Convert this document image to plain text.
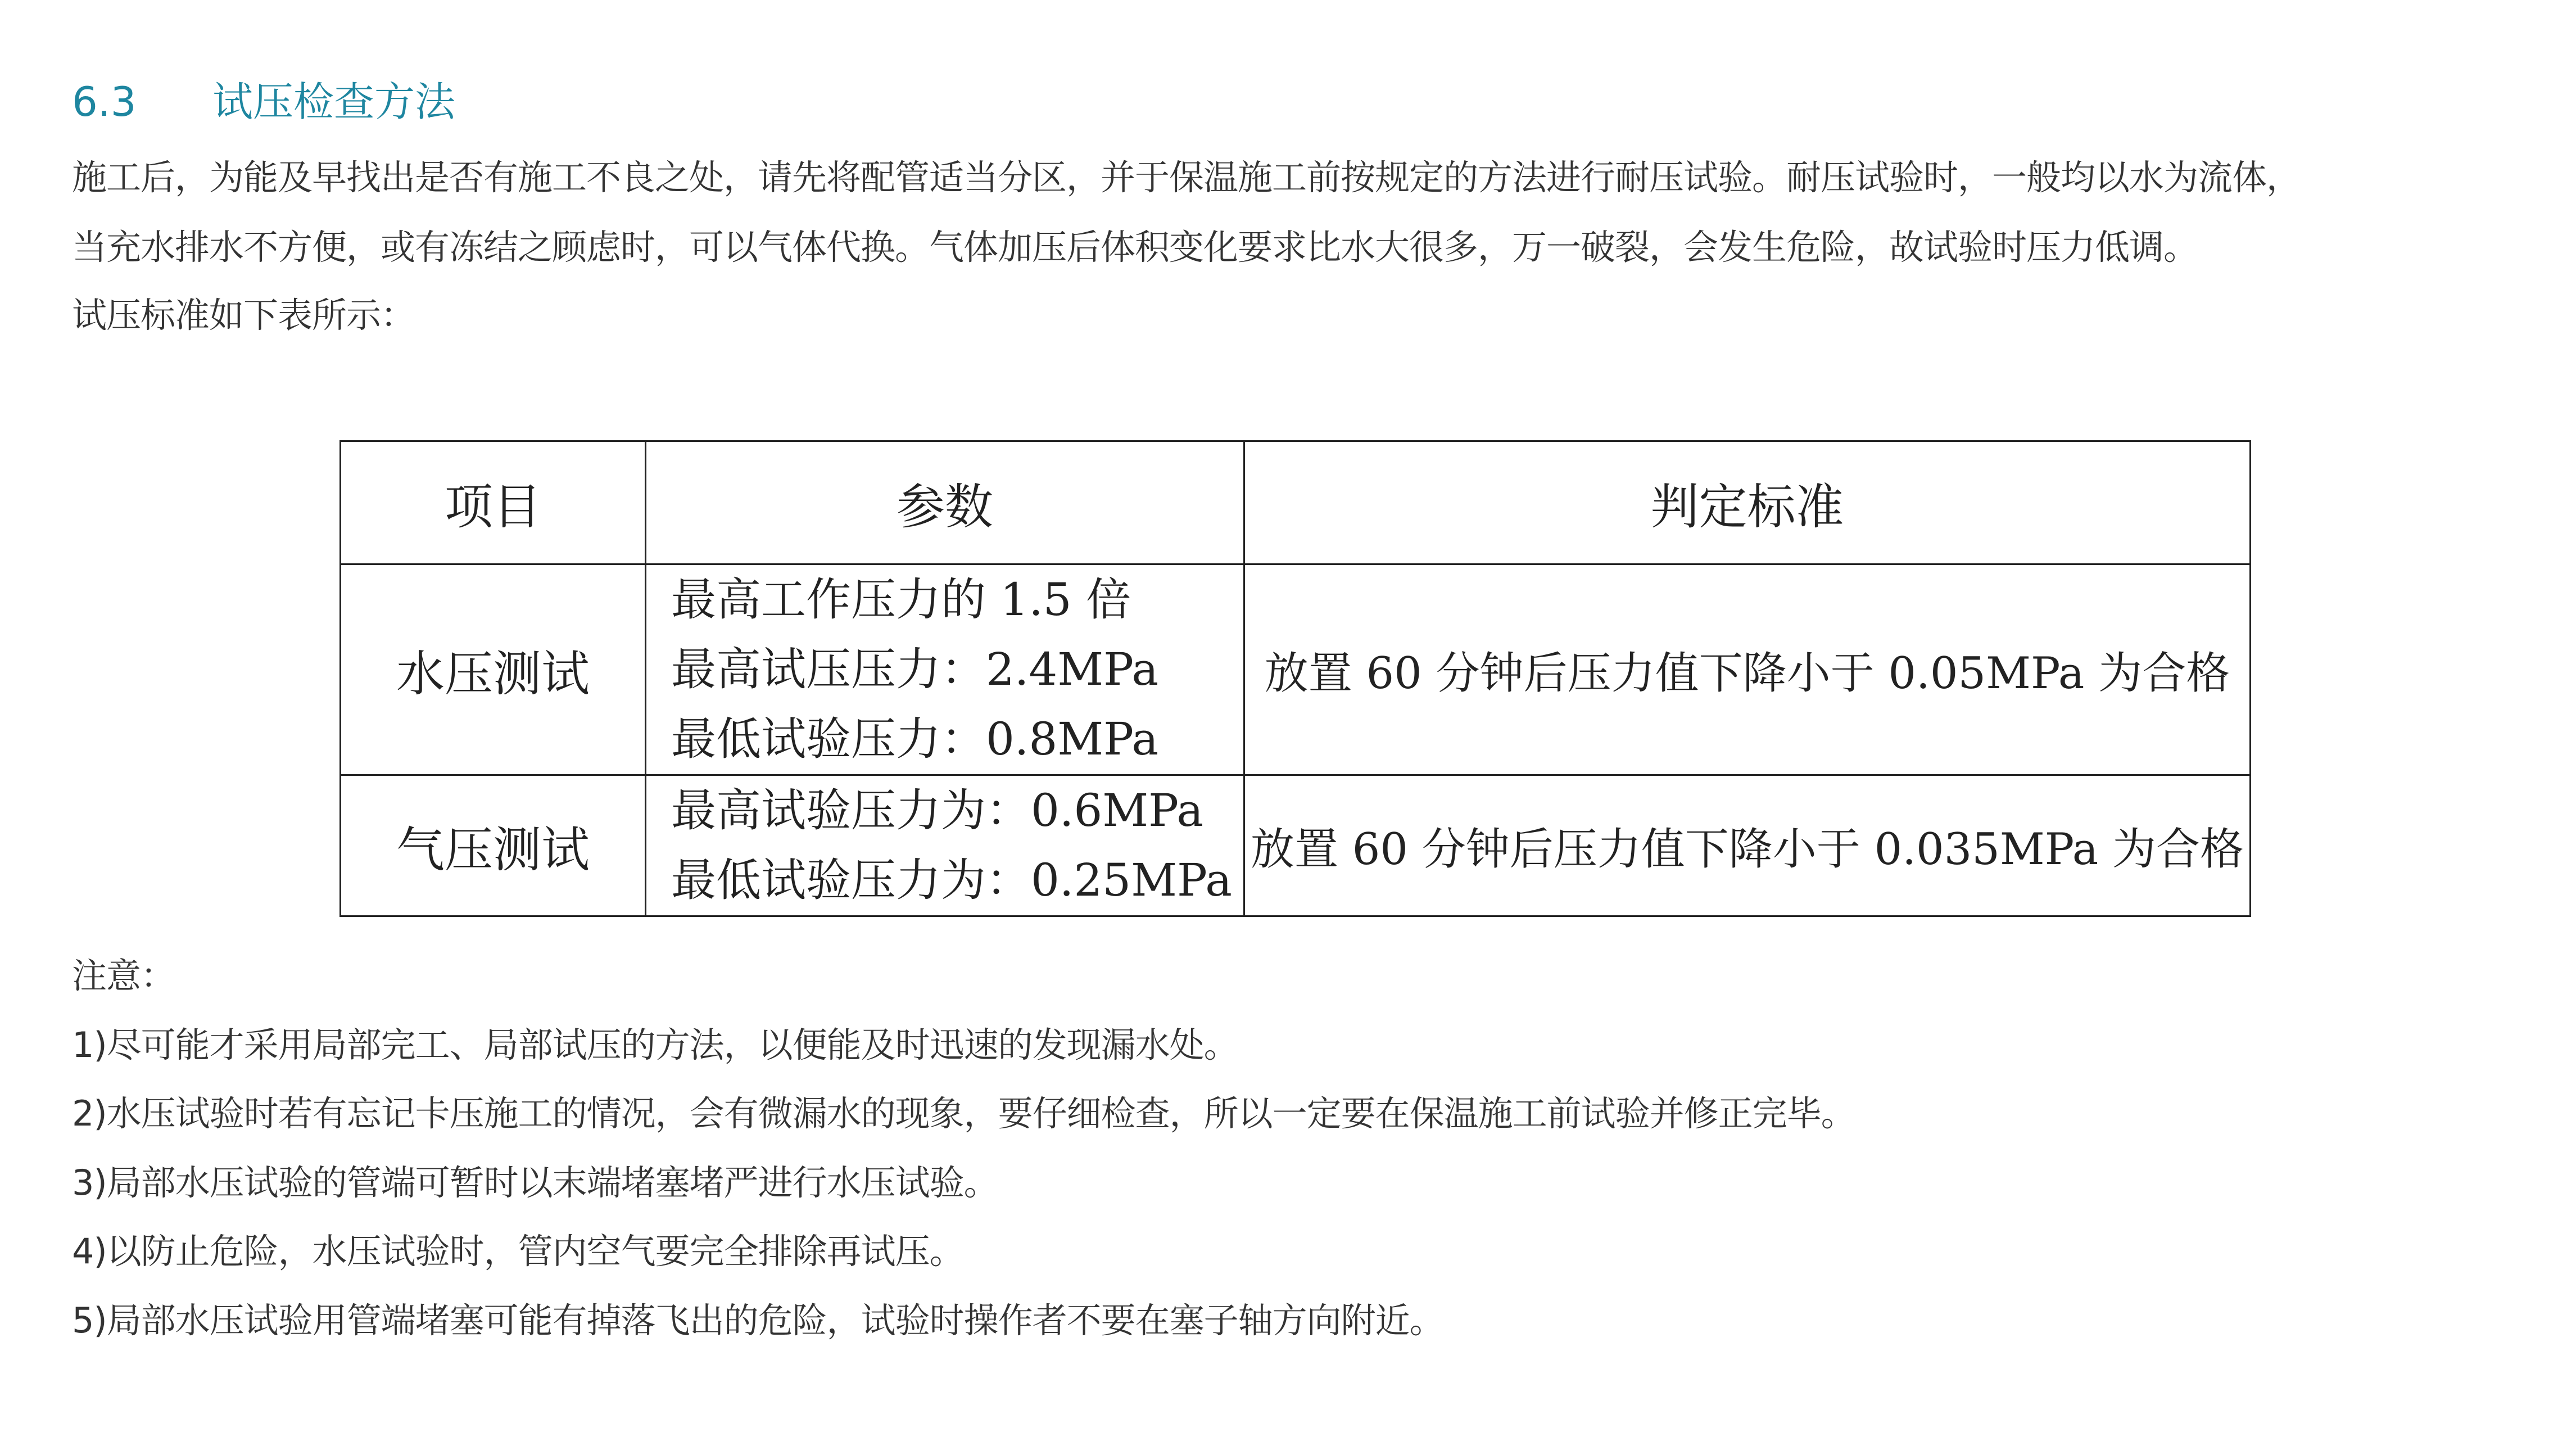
6.3 试压检查方法
施工后，为能及早找出是否有施工不良之处，请先将配管适当分区，并于保温施工前按规定的方法进行耐压试验。耐压试验时，一般均以水为流体，
当充水排水不方便，或有冻结之顾虑时，可以气体代换。气体加压后体积变化要求比水大很多，万一破裂，会发生危险，故试验时压力低调。
试压标准如下表所示：
项目	参数	判定标准
水压测试	最高工作压力的 1.5 倍
最高试压压力：2.4MPa
最低试验压力：0.8MPa	放置 60 分钟后压力值下降小于 0.05MPa 为合格
气压测试	最高试验压力为：0.6MPa
最低试验压力为：0.25MPa	放置 60 分钟后压力值下降小于 0.035MPa 为合格
注意：
1)尽可能才采用局部完工、局部试压的方法，以便能及时迅速的发现漏水处。
2)水压试验时若有忘记卡压施工的情况，会有微漏水的现象，要仔细检查，所以一定要在保温施工前试验并修正完毕。
3)局部水压试验的管端可暂时以末端堵塞堵严进行水压试验。
4)以防止危险，水压试验时，管内空气要完全排除再试压。
5)局部水压试验用管端堵塞可能有掉落飞出的危险，试验时操作者不要在塞子轴方向附近。
